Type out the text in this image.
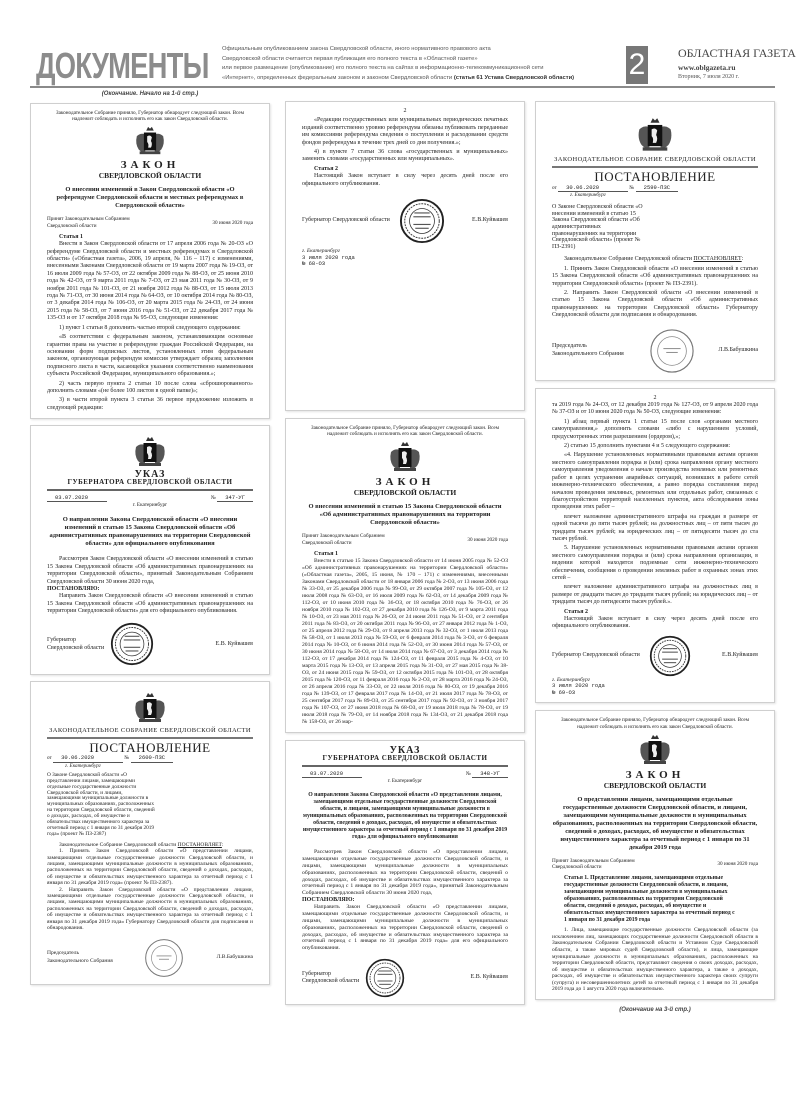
ДОКУМЕНТЫ Официальным опубликованием закона Свердловской области, иного нормативного правового акта
Свердловской области считается первая публикация его полного текста в «Областной газете»
или первое размещение (опубликование) его полного текста на сайтах в информационно-телекоммуникационной сети
«Интернет», определенных федеральным законом и законом Свердловской области (статья 61 Устава Свердловской области) 2	ОБЛАСТНАЯ ГАЗЕТА
www.oblgazeta.ru
Вторник, 7 июля 2020 г.
(Окончание. Начало на 1-й стр.)

Законодательное Собрание приняло, Губернатор обнародует следующий закон. Всем надлежит соблюдать и исполнять его как закон Свердловской области.

ЗАКОН
СВЕРДЛОВСКОЙ ОБЛАСТИ
О внесении изменений в Закон Свердловской области «О референдуме Свердловской области и местных референдумах в Свердловской области»
Принят Законодательным Собранием Свердловской области
30 июня 2020 года
Статья 1

Внести в Закон Свердловской области от 17 апреля 2006 года № 20-ОЗ «О референдуме Свердловской области и местных референдумах в Свердловской области» («Областная газета», 2006, 19 апреля, № 116 – 117) с изменениями, внесенными Законами Свердловской области от 19 марта 2007 года № 19-ОЗ, от 16 июля 2009 года № 57-ОЗ, от 22 октября 2009 года № 88-ОЗ, от 25 июня 2010 года № 42-ОЗ, от 9 марта 2011 года № 7-ОЗ, от 23 мая 2011 года № 30-ОЗ, от 9 ноября 2011 года № 101-ОЗ, от 21 ноября 2012 года № 88-ОЗ, от 15 июля 2013 года № 71-ОЗ, от 30 июня 2014 года № 64-ОЗ, от 10 октября 2014 года № 80-ОЗ, от 3 декабря 2014 года № 106-ОЗ, от 20 марта 2015 года № 24-ОЗ, от 24 июня 2015 года № 58-ОЗ, от 7 июня 2016 года № 51-ОЗ, от 22 декабря 2017 года № 135-ОЗ и от 17 октября 2018 года № 95-ОЗ, следующие изменения:

1) пункт 1 статьи 8 дополнить частью второй следующего содержания:

«В соответствии с федеральным законом, устанавливающим основные гарантии права на участие в референдуме граждан Российской Федерации, на основании форм подписных листов, установленных этим федеральным законом, организующая референдум комиссия утверждает образец заполнения подписного листа в части, касающейся указания соответственно наименования субъекта Российской Федерации, муниципального образования.»;

2) часть первую пункта 2 статьи 10 после слова «сброшюрованного» дополнить словами «(не более 100 листов в одной папке)»;

3) в части второй пункта 3 статьи 36 первое предложение изложить в следующей редакции:

УКАЗ
ГУБЕРНАТОРА СВЕРДЛОВСКОЙ ОБЛАСТИ
03.07.2020	№ 347-УГ
г. Екатеринбург
О направлении Закона Свердловской области «О внесении изменений в статью 15 Закона Свердловской области «Об административных правонарушениях на территории Свердловской области» для официального опубликования

Рассмотрев Закон Свердловской области «О внесении изменений в статью 15 Закона Свердловской области «Об административных правонарушениях на территории Свердловской области», принятый Законодательным Собранием Свердловской области 30 июня 2020 года,

ПОСТАНОВЛЯЮ:

Направить Закон Свердловской области «О внесении изменений в статью 15 Закона Свердловской области «Об административных правонарушениях на территории Свердловской области» для его официального опубликования.

Губернатор
Свердловской области
Е.В. Куйвашев
ЗАКОНОДАТЕЛЬНОЕ СОБРАНИЕ СВЕРДЛОВСКОЙ ОБЛАСТИ
ПОСТАНОВЛЕНИЕ
от 30.06.2020	№ 2600-ПЗС
г. Екатеринбург
О Законе Свердловской области «О представлении лицами, замещающими отдельные государственные должности Свердловской области, и лицами, замещающими муниципальные должности в муниципальных образованиях, расположенных на территории Свердловской области, сведений о доходах, расходах, об имуществе и обязательствах имущественного характера за отчетный период с 1 января по 31 декабря 2019 года» (проект № ПЗ-2387)

Законодательное Собрание Свердловской области ПОСТАНОВЛЯЕТ:

1. Принять Закон Свердловской области «О представлении лицами, замещающими отдельные государственные должности Свердловской области, и лицами, замещающими муниципальные должности в муниципальных образованиях, расположенных на территории Свердловской области, сведений о доходах, расходах, об имуществе и обязательствах имущественного характера за отчетный период с 1 января по 31 декабря 2019 года» (проект № ПЗ-2387).

2. Направить Закон Свердловской области «О представлении лицами, замещающими отдельные государственные должности Свердловской области, и лицами, замещающими муниципальные должности в муниципальных образованиях, расположенных на территории Свердловской области, сведений о доходах, расходах, об имуществе и обязательствах имущественного характера за отчетный период с 1 января по 31 декабря 2019 года» Губернатору Свердловской области для подписания и обнародования.

Председатель
Законодательного Собрания
Л.В.Бабушкина
2

«Редакции государственных или муниципальных периодических печатных изданий соответственно уровню референдума обязаны публиковать переданные им комиссиями референдума сведения о поступлении и расходовании средств фондов референдума в течение трех дней со дня получения.»;

4) в пункте 7 статьи 36 слова «государственных и муниципальных» заменить словами «государственных или муниципальных».

Статья 2

Настоящий Закон вступает в силу через десять дней после его официального опубликования.

Губернатор Свердловской области	Е.В.Куйвашев
г. Екатеринбург
3 июля 2020 года
№ 68-ОЗ

Законодательное Собрание приняло, Губернатор обнародует следующий закон. Всем надлежит соблюдать и исполнять его как закон Свердловской области.

ЗАКОН
СВЕРДЛОВСКОЙ ОБЛАСТИ
О внесении изменений в статью 15 Закона Свердловской области «Об административных правонарушениях на территории Свердловской области»
Принят Законодательным Собранием Свердловской области
30 июня 2020 года
Статья 1

Внести в статью 15 Закона Свердловской области от 14 июня 2005 года № 52-ОЗ «Об административных правонарушениях на территории Свердловской области» («Областная газета», 2005, 15 июня, № 170 – 171) с изменениями, внесенными Законами Свердловской области от 18 января 2006 года № 2-ОЗ, от 13 июня 2006 года № 33-ОЗ, от 25 декабря 2006 года № 99-ОЗ, от 29 октября 2007 года № 105-ОЗ, от 12 июля 2008 года № 63-ОЗ, от 16 июля 2009 года № 62-ОЗ, от 14 декабря 2009 года № 112-ОЗ, от 10 июня 2010 года № 36-ОЗ, от 18 октября 2010 года № 76-ОЗ, от 26 ноября 2010 года № 102-ОЗ, от 27 декабря 2010 года № 126-ОЗ, от 9 марта 2011 года № 10-ОЗ, от 23 мая 2011 года № 26-ОЗ, от 24 июня 2011 года № 51-ОЗ, от 2 сентября 2011 года № 83-ОЗ, от 20 октября 2011 года № 96-ОЗ, от 27 января 2012 года № 1-ОЗ, от 25 апреля 2012 года № 29-ОЗ, от 8 апреля 2013 года № 32-ОЗ, от 1 июля 2013 года № 58-ОЗ, от 1 июля 2013 года № 59-ОЗ, от 6 февраля 2014 года № 3-ОЗ, от 6 февраля 2014 года № 10-ОЗ, от 6 июня 2014 года № 52-ОЗ, от 30 июня 2014 года № 57-ОЗ, от 30 июня 2014 года № 58-ОЗ, от 14 июля 2014 года № 67-ОЗ, от 3 декабря 2014 года № 112-ОЗ, от 17 декабря 2014 года № 124-ОЗ, от 11 февраля 2015 года № 4-ОЗ, от 10 марта 2015 года № 13-ОЗ, от 13 апреля 2015 года № 31-ОЗ, от 27 мая 2015 года № 38-ОЗ, от 24 июня 2015 года № 59-ОЗ, от 12 октября 2015 года № 101-ОЗ, от 28 октября 2015 года № 120-ОЗ, от 11 февраля 2016 года № 2-ОЗ, от 28 марта 2016 года № 24-ОЗ, от 26 апреля 2016 года № 33-ОЗ, от 22 июля 2016 года № 80-ОЗ, от 19 декабря 2016 года № 139-ОЗ, от 17 февраля 2017 года № 14-ОЗ, от 21 июля 2017 года № 78-ОЗ, от 25 сентября 2017 года № 89-ОЗ, от 25 сентября 2017 года № 92-ОЗ, от 3 ноября 2017 года № 107-ОЗ, от 27 июня 2018 года № 68-ОЗ, от 19 июля 2018 года № 78-ОЗ, от 19 июля 2018 года № 79-ОЗ, от 14 ноября 2018 года № 134-ОЗ, от 21 декабря 2018 года № 158-ОЗ, от 26 мар-

УКАЗ
ГУБЕРНАТОРА СВЕРДЛОВСКОЙ ОБЛАСТИ
03.07.2020	№ 348-УГ
г. Екатеринбург
О направлении Закона Свердловской области «О представлении лицами, замещающими отдельные государственные должности Свердловской области, и лицами, замещающими муниципальные должности в муниципальных образованиях, расположенных на территории Свердловской области, сведений о доходах, расходах, об имуществе и обязательствах имущественного характера за отчетный период с 1 января по 31 декабря 2019 года» для официального опубликования

Рассмотрев Закон Свердловской области «О представлении лицами, замещающими отдельные государственные должности Свердловской области, и лицами, замещающими муниципальные должности в муниципальных образованиях, расположенных на территории Свердловской области, сведений о доходах, расходах, об имуществе и обязательствах имущественного характера за отчетный период с 1 января по 31 декабря 2019 года», принятый Законодательным Собранием Свердловской области 30 июня 2020 года,

ПОСТАНОВЛЯЮ:

Направить Закон Свердловской области «О представлении лицами, замещающими отдельные государственные должности Свердловской области, и лицами, замещающими муниципальные должности в муниципальных образованиях, расположенных на территории Свердловской области, сведений о доходах, расходах, об имуществе и обязательствах имущественного характера за отчетный период с 1 января по 31 декабря 2019 года» для его официального опубликования.

Губернатор
Свердловской области
Е.В. Куйвашев
ЗАКОНОДАТЕЛЬНОЕ СОБРАНИЕ СВЕРДЛОВСКОЙ ОБЛАСТИ
ПОСТАНОВЛЕНИЕ
от 30.06.2020	№ 2599-ПЗС
г. Екатеринбург
О Законе Свердловской области «О внесении изменений в статью 15 Закона Свердловской области «Об административных правонарушениях на территории Свердловской области» (проект № ПЗ-2391)

Законодательное Собрание Свердловской области ПОСТАНОВЛЯЕТ:

1. Принять Закон Свердловской области «О внесении изменений в статью 15 Закона Свердловской области «Об административных правонарушениях на территории Свердловской области» (проект № ПЗ-2391).

2. Направить Закон Свердловской области «О внесении изменений в статью 15 Закона Свердловской области «Об административных правонарушениях на территории Свердловской области» Губернатору Свердловской области для подписания и обнародования.

Председатель
Законодательного Собрания
Л.В.Бабушкина
2

та 2019 года № 24-ОЗ, от 12 декабря 2019 года № 127-ОЗ, от 9 апреля 2020 года № 37-ОЗ и от 10 июня 2020 года № 50-ОЗ, следующие изменения:

1) абзац первый пункта 1 статьи 15 после слов «органами местного самоуправления,» дополнить словами «либо с нарушением условий, предусмотренных этим разрешением (ордером),»;

2) статью 15 дополнить пунктами 4 и 5 следующего содержания:

«4. Нарушение установленных нормативными правовыми актами органов местного самоуправления порядка и (или) срока направления органу местного самоуправления уведомления о начале производства земляных или ремонтных работ в целях устранения аварийных ситуаций, возникших в работе сетей инженерно-технического обеспечения, а равно порядка составления перед началом проведения земляных, ремонтных или отдельных работ, связанных с благоустройством территорий населенных пунктов, акта обследования зоны проведения этих работ –

влечет наложение административного штрафа на граждан в размере от одной тысячи до пяти тысяч рублей; на должностных лиц – от пяти тысяч до тридцати тысяч рублей; на юридических лиц – от пятидесяти тысяч до ста тысяч рублей.

5. Нарушение установленных нормативными правовыми актами органов местного самоуправления порядка и (или) срока направления организации, в ведении которой находятся подземные сети инженерно-технического обеспечения, сообщения о проведении земляных работ в охранных зонах этих сетей –

влечет наложение административного штрафа на должностных лиц в размере от двадцати тысяч до тридцати тысяч рублей; на юридических лиц – от тридцати тысяч до пятидесяти тысяч рублей.».

Статья 2

Настоящий Закон вступает в силу через десять дней после его официального опубликования.

Губернатор Свердловской области	Е.В.Куйвашев
г. Екатеринбург
3 июля 2020 года
№ 69-ОЗ

Законодательное Собрание приняло, Губернатор обнародует следующий закон. Всем надлежит соблюдать и исполнять его как закон Свердловской области.

ЗАКОН
СВЕРДЛОВСКОЙ ОБЛАСТИ
О представлении лицами, замещающими отдельные государственные должности Свердловской области, и лицами, замещающими муниципальные должности в муниципальных образованиях, расположенных на территории Свердловской области, сведений о доходах, расходах, об имуществе и обязательствах имущественного характера за отчетный период с 1 января по 31 декабря 2019 года
Принят Законодательным Собранием Свердловской области
30 июня 2020 года
Статья 1. Представление лицами, замещающими отдельные государственные должности Свердловской области, и лицами, замещающими муниципальные должности в муниципальных образованиях, расположенных на территории Свердловской области, сведений о доходах, расходах, об имуществе и обязательствах имущественного характера за отчетный период с 1 января по 31 декабря 2019 года

1. Лица, замещающие государственные должности Свердловской области (за исключением лиц, замещающих государственные должности Свердловской области в Законодательном Собрании Свердловской области и Уставном Суде Свердловской области, а также мировых судей Свердловской области), и лица, замещающие муниципальные должности в муниципальных образованиях, расположенных на территории Свердловской области, представляют сведения о своих доходах, расходах, об имуществе и обязательствах имущественного характера, а также о доходах, расходах, об имуществе и обязательствах имущественного характера своих супруги (супруга) и несовершеннолетних детей за отчетный период с 1 января по 31 декабря 2019 года до 1 августа 2020 года включительно.

(Окончание на 3-й стр.)
